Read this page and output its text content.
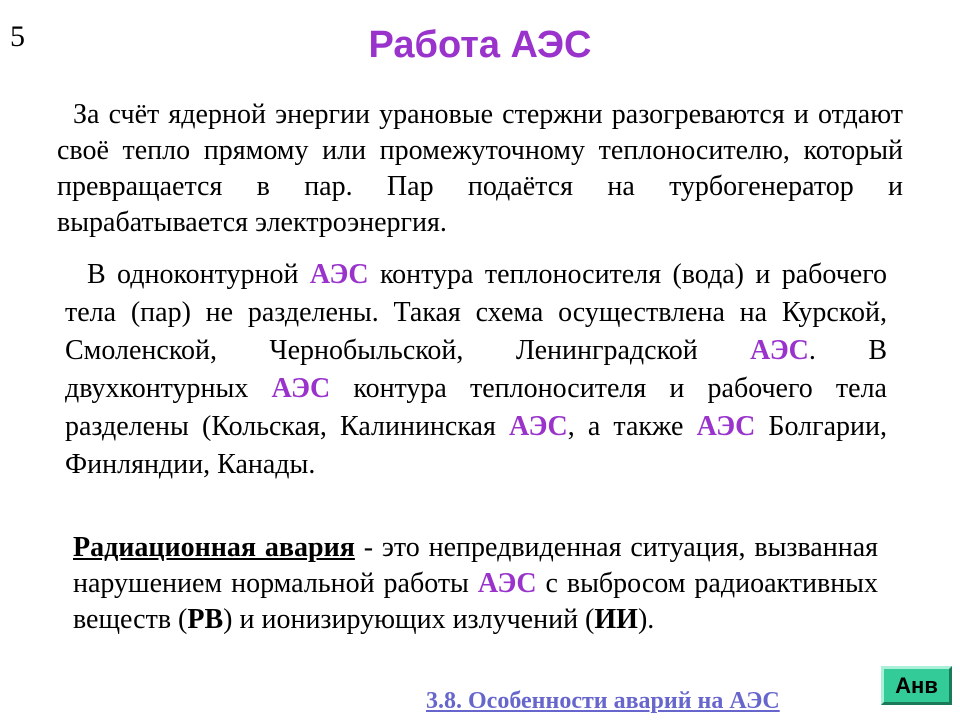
5	Работа АЭС

За счёт ядерной энергии урановые стержни разогреваются и отдают своё тепло прямому или промежуточному теплоносителю, который превращается в пар. Пар подаётся на турбогенератор и вырабатывается электроэнергия.

В одноконтурной АЭС контура теплоносителя (вода) и рабочего тела (пар) не разделены. Такая схема осуществлена на Курской, Смоленской, Чернобыльской, Ленинградской АЭС. В двухконтурных АЭС контура теплоносителя и рабочего тела разделены (Кольская, Калининская АЭС, а также АЭС Болгарии, Финляндии, Канады.

Радиационная авария - это непредвиденная ситуация, вызванная нарушением нормальной работы АЭС с выбросом радиоактивных веществ (РВ) и ионизирующих излучений (ИИ).

3.8. Особенности аварий на АЭС
Анв
